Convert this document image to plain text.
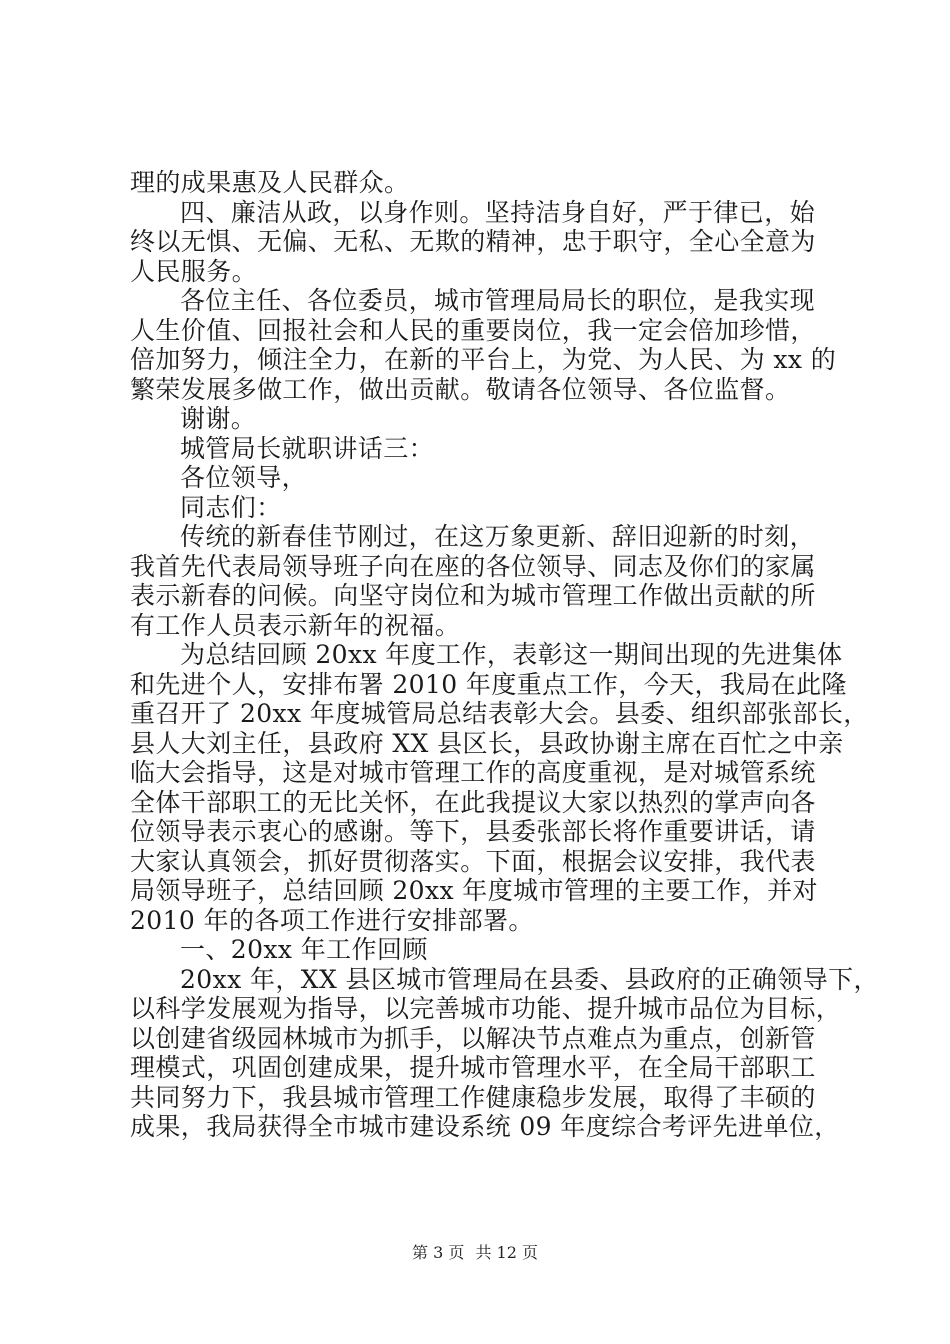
理的成果惠及人民群众。
四、廉洁从政，以身作则。坚持洁身自好，严于律已，始
终以无惧、无偏、无私、无欺的精神，忠于职守，全心全意为
人民服务。
各位主任、各位委员，城市管理局局长的职位，是我实现
人生价值、回报社会和人民的重要岗位，我一定会倍加珍惜，
倍加努力，倾注全力，在新的平台上，为党、为人民、为 xx 的
繁荣发展多做工作，做出贡献。敬请各位领导、各位监督。
谢谢。
城管局长就职讲话三：
各位领导，
同志们：
传统的新春佳节刚过，在这万象更新、辞旧迎新的时刻，
我首先代表局领导班子向在座的各位领导、同志及你们的家属
表示新春的问候。向坚守岗位和为城市管理工作做出贡献的所
有工作人员表示新年的祝福。
为总结回顾 20xx 年度工作，表彰这一期间出现的先进集体
和先进个人，安排布署 2010 年度重点工作，今天，我局在此隆
重召开了 20xx 年度城管局总结表彰大会。县委、组织部张部长，
县人大刘主任，县政府 XX 县区长，县政协谢主席在百忙之中亲
临大会指导，这是对城市管理工作的高度重视，是对城管系统
全体干部职工的无比关怀，在此我提议大家以热烈的掌声向各
位领导表示衷心的感谢。等下，县委张部长将作重要讲话，请
大家认真领会，抓好贯彻落实。下面，根据会议安排，我代表
局领导班子，总结回顾 20xx 年度城市管理的主要工作，并对
2010 年的各项工作进行安排部署。
一、20xx 年工作回顾
20xx 年，XX 县区城市管理局在县委、县政府的正确领导下，
以科学发展观为指导，以完善城市功能、提升城市品位为目标，
以创建省级园林城市为抓手，以解决节点难点为重点，创新管
理模式，巩固创建成果，提升城市管理水平，在全局干部职工
共同努力下，我县城市管理工作健康稳步发展，取得了丰硕的
成果，我局获得全市城市建设系统 09 年度综合考评先进单位，
第 3 页 共 12 页
